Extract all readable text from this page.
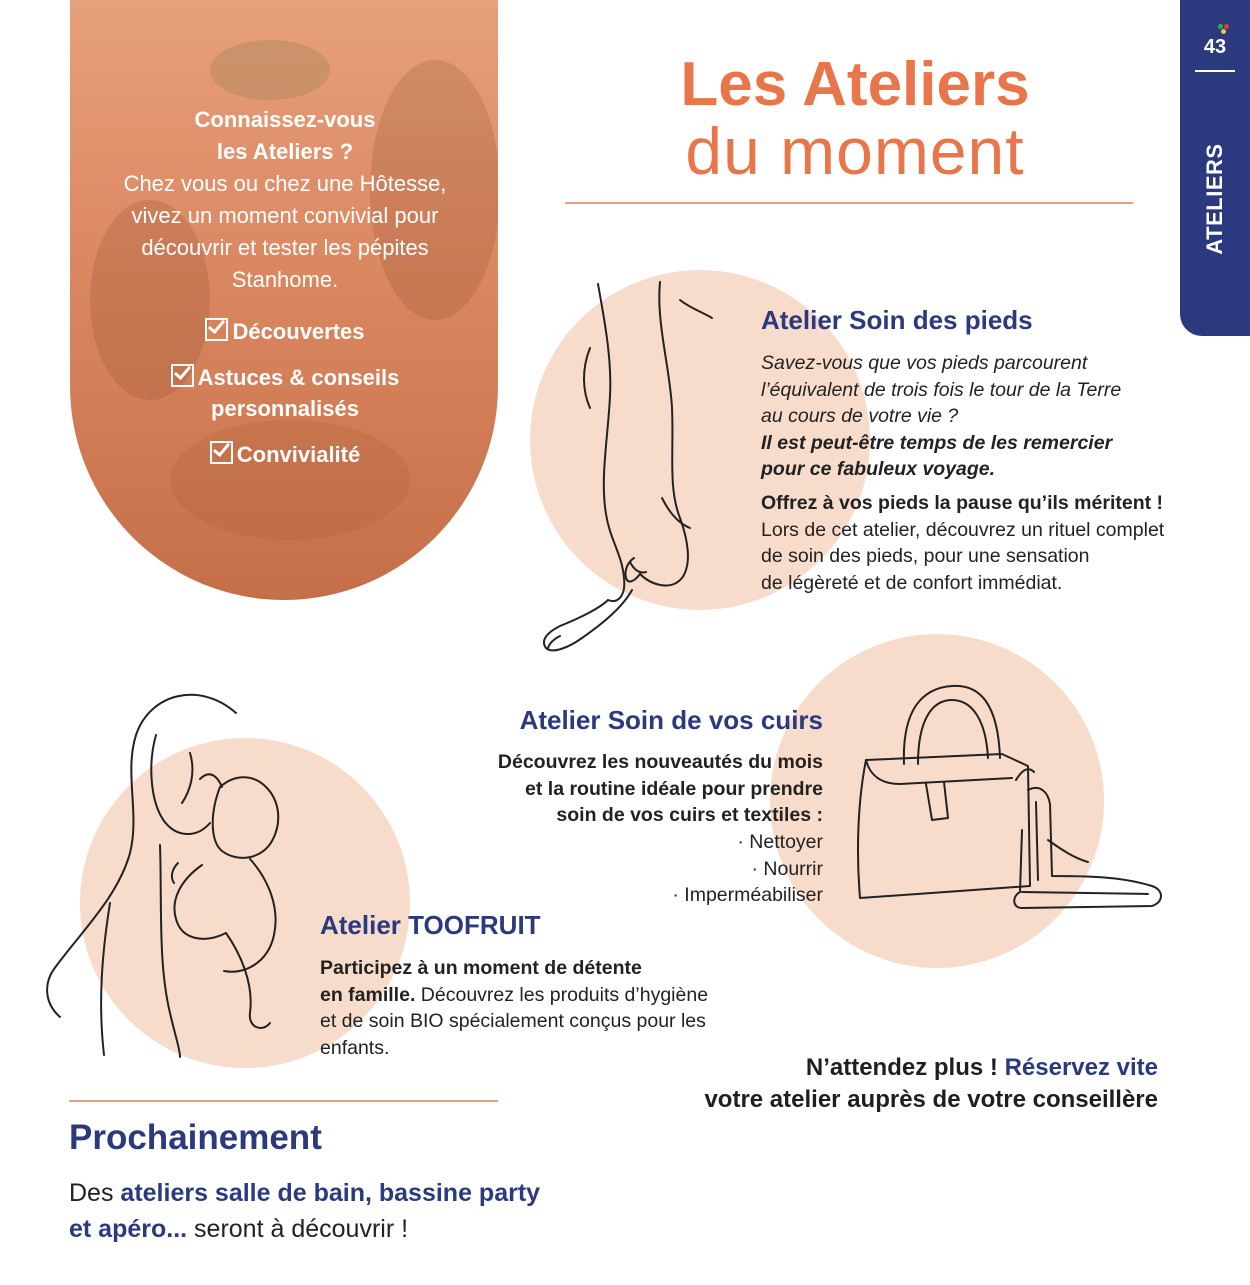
Connaissez-vous
les Ateliers ?
Chez vous ou chez une Hôtesse,
vivez un moment convivial pour
découvrir et tester les pépites
Stanhome.
Découvertes
Astuces & conseils
personnalisés
Convivialité
Les Ateliers
du moment
43
ATELIERS
Atelier Soin des pieds
Savez-vous que vos pieds parcourent
l’équivalent de trois fois le tour de la Terre
au cours de votre vie ?
Il est peut-être temps de les remercier
pour ce fabuleux voyage.
Offrez à vos pieds la pause qu’ils méritent !
Lors de cet atelier, découvrez un rituel complet
de soin des pieds, pour une sensation
de légèreté et de confort immédiat.
Atelier Soin de vos cuirs
Découvrez les nouveautés du mois
et la routine idéale pour prendre
soin de vos cuirs et textiles :
· Nettoyer
· Nourrir
· Imperméabiliser
Atelier TOOFRUIT
Participez à un moment de détente
en famille. Découvrez les produits d’hygiène
et de soin BIO spécialement conçus pour les
enfants.
N’attendez plus ! Réservez vite
votre atelier auprès de votre conseillère
Prochainement
Des ateliers salle de bain, bassine party
et apéro... seront à découvrir !
